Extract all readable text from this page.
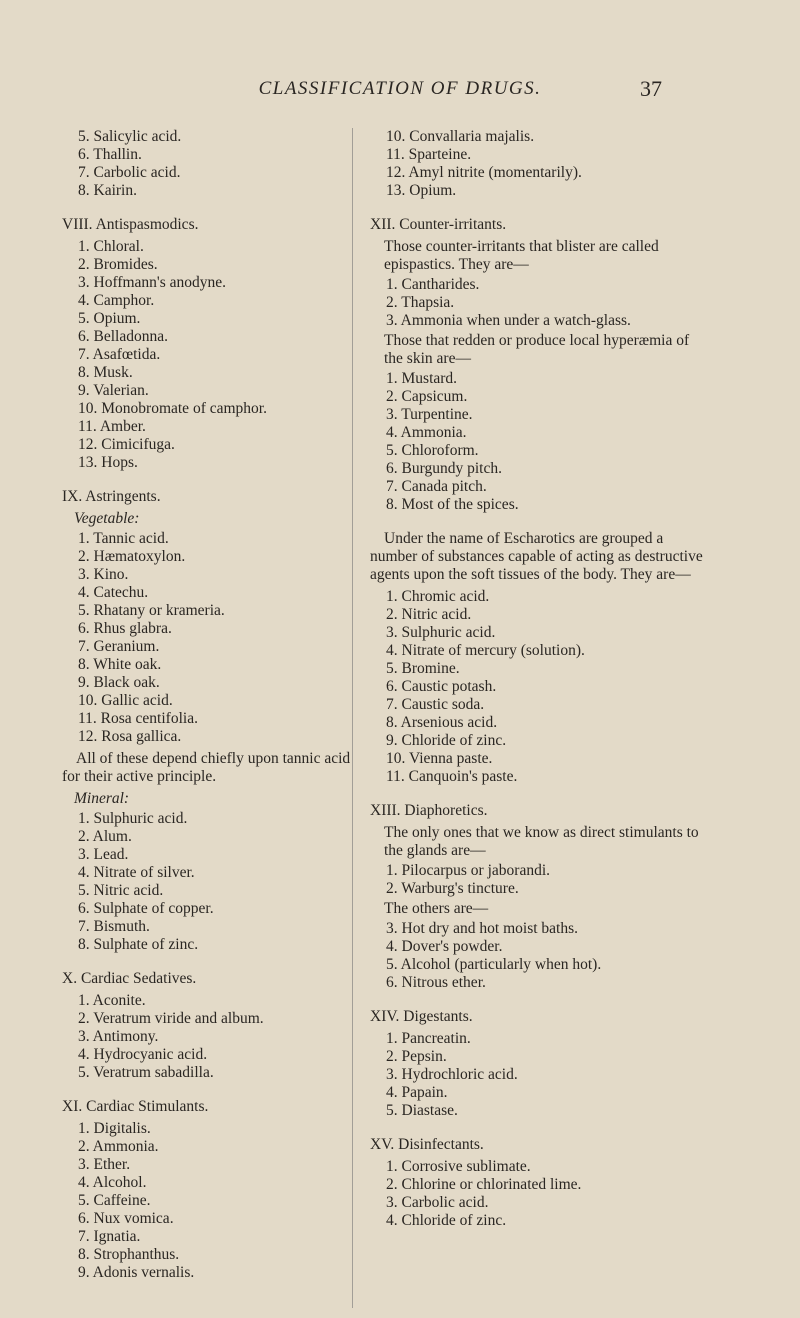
CLASSIFICATION OF DRUGS.	37
5. Salicylic acid.
6. Thallin.
7. Carbolic acid.
8. Kairin.
VIII. Antispasmodics.
1. Chloral.
2. Bromides.
3. Hoffmann's anodyne.
4. Camphor.
5. Opium.
6. Belladonna.
7. Asafœtida.
8. Musk.
9. Valerian.
10. Monobromate of camphor.
11. Amber.
12. Cimicifuga.
13. Hops.
IX. Astringents.
Vegetable:
1. Tannic acid.
2. Hæmatoxylon.
3. Kino.
4. Catechu.
5. Rhatany or krameria.
6. Rhus glabra.
7. Geranium.
8. White oak.
9. Black oak.
10. Gallic acid.
11. Rosa centifolia.
12. Rosa gallica.
All of these depend chiefly upon tannic acid for their active principle.
Mineral:
1. Sulphuric acid.
2. Alum.
3. Lead.
4. Nitrate of silver.
5. Nitric acid.
6. Sulphate of copper.
7. Bismuth.
8. Sulphate of zinc.
X. Cardiac Sedatives.
1. Aconite.
2. Veratrum viride and album.
3. Antimony.
4. Hydrocyanic acid.
5. Veratrum sabadilla.
XI. Cardiac Stimulants.
1. Digitalis.
2. Ammonia.
3. Ether.
4. Alcohol.
5. Caffeine.
6. Nux vomica.
7. Ignatia.
8. Strophanthus.
9. Adonis vernalis.
10. Convallaria majalis.
11. Sparteine.
12. Amyl nitrite (momentarily).
13. Opium.
XII. Counter-irritants.
Those counter-irritants that blister are called epispastics. They are—
1. Cantharides.
2. Thapsia.
3. Ammonia when under a watch-glass.
Those that redden or produce local hyperæmia of the skin are—
1. Mustard.
2. Capsicum.
3. Turpentine.
4. Ammonia.
5. Chloroform.
6. Burgundy pitch.
7. Canada pitch.
8. Most of the spices.
Under the name of Escharotics are grouped a number of substances capable of acting as destructive agents upon the soft tissues of the body. They are—
1. Chromic acid.
2. Nitric acid.
3. Sulphuric acid.
4. Nitrate of mercury (solution).
5. Bromine.
6. Caustic potash.
7. Caustic soda.
8. Arsenious acid.
9. Chloride of zinc.
10. Vienna paste.
11. Canquoin's paste.
XIII. Diaphoretics.
The only ones that we know as direct stimulants to the glands are—
1. Pilocarpus or jaborandi.
2. Warburg's tincture.
The others are—
3. Hot dry and hot moist baths.
4. Dover's powder.
5. Alcohol (particularly when hot).
6. Nitrous ether.
XIV. Digestants.
1. Pancreatin.
2. Pepsin.
3. Hydrochloric acid.
4. Papain.
5. Diastase.
XV. Disinfectants.
1. Corrosive sublimate.
2. Chlorine or chlorinated lime.
3. Carbolic acid.
4. Chloride of zinc.
